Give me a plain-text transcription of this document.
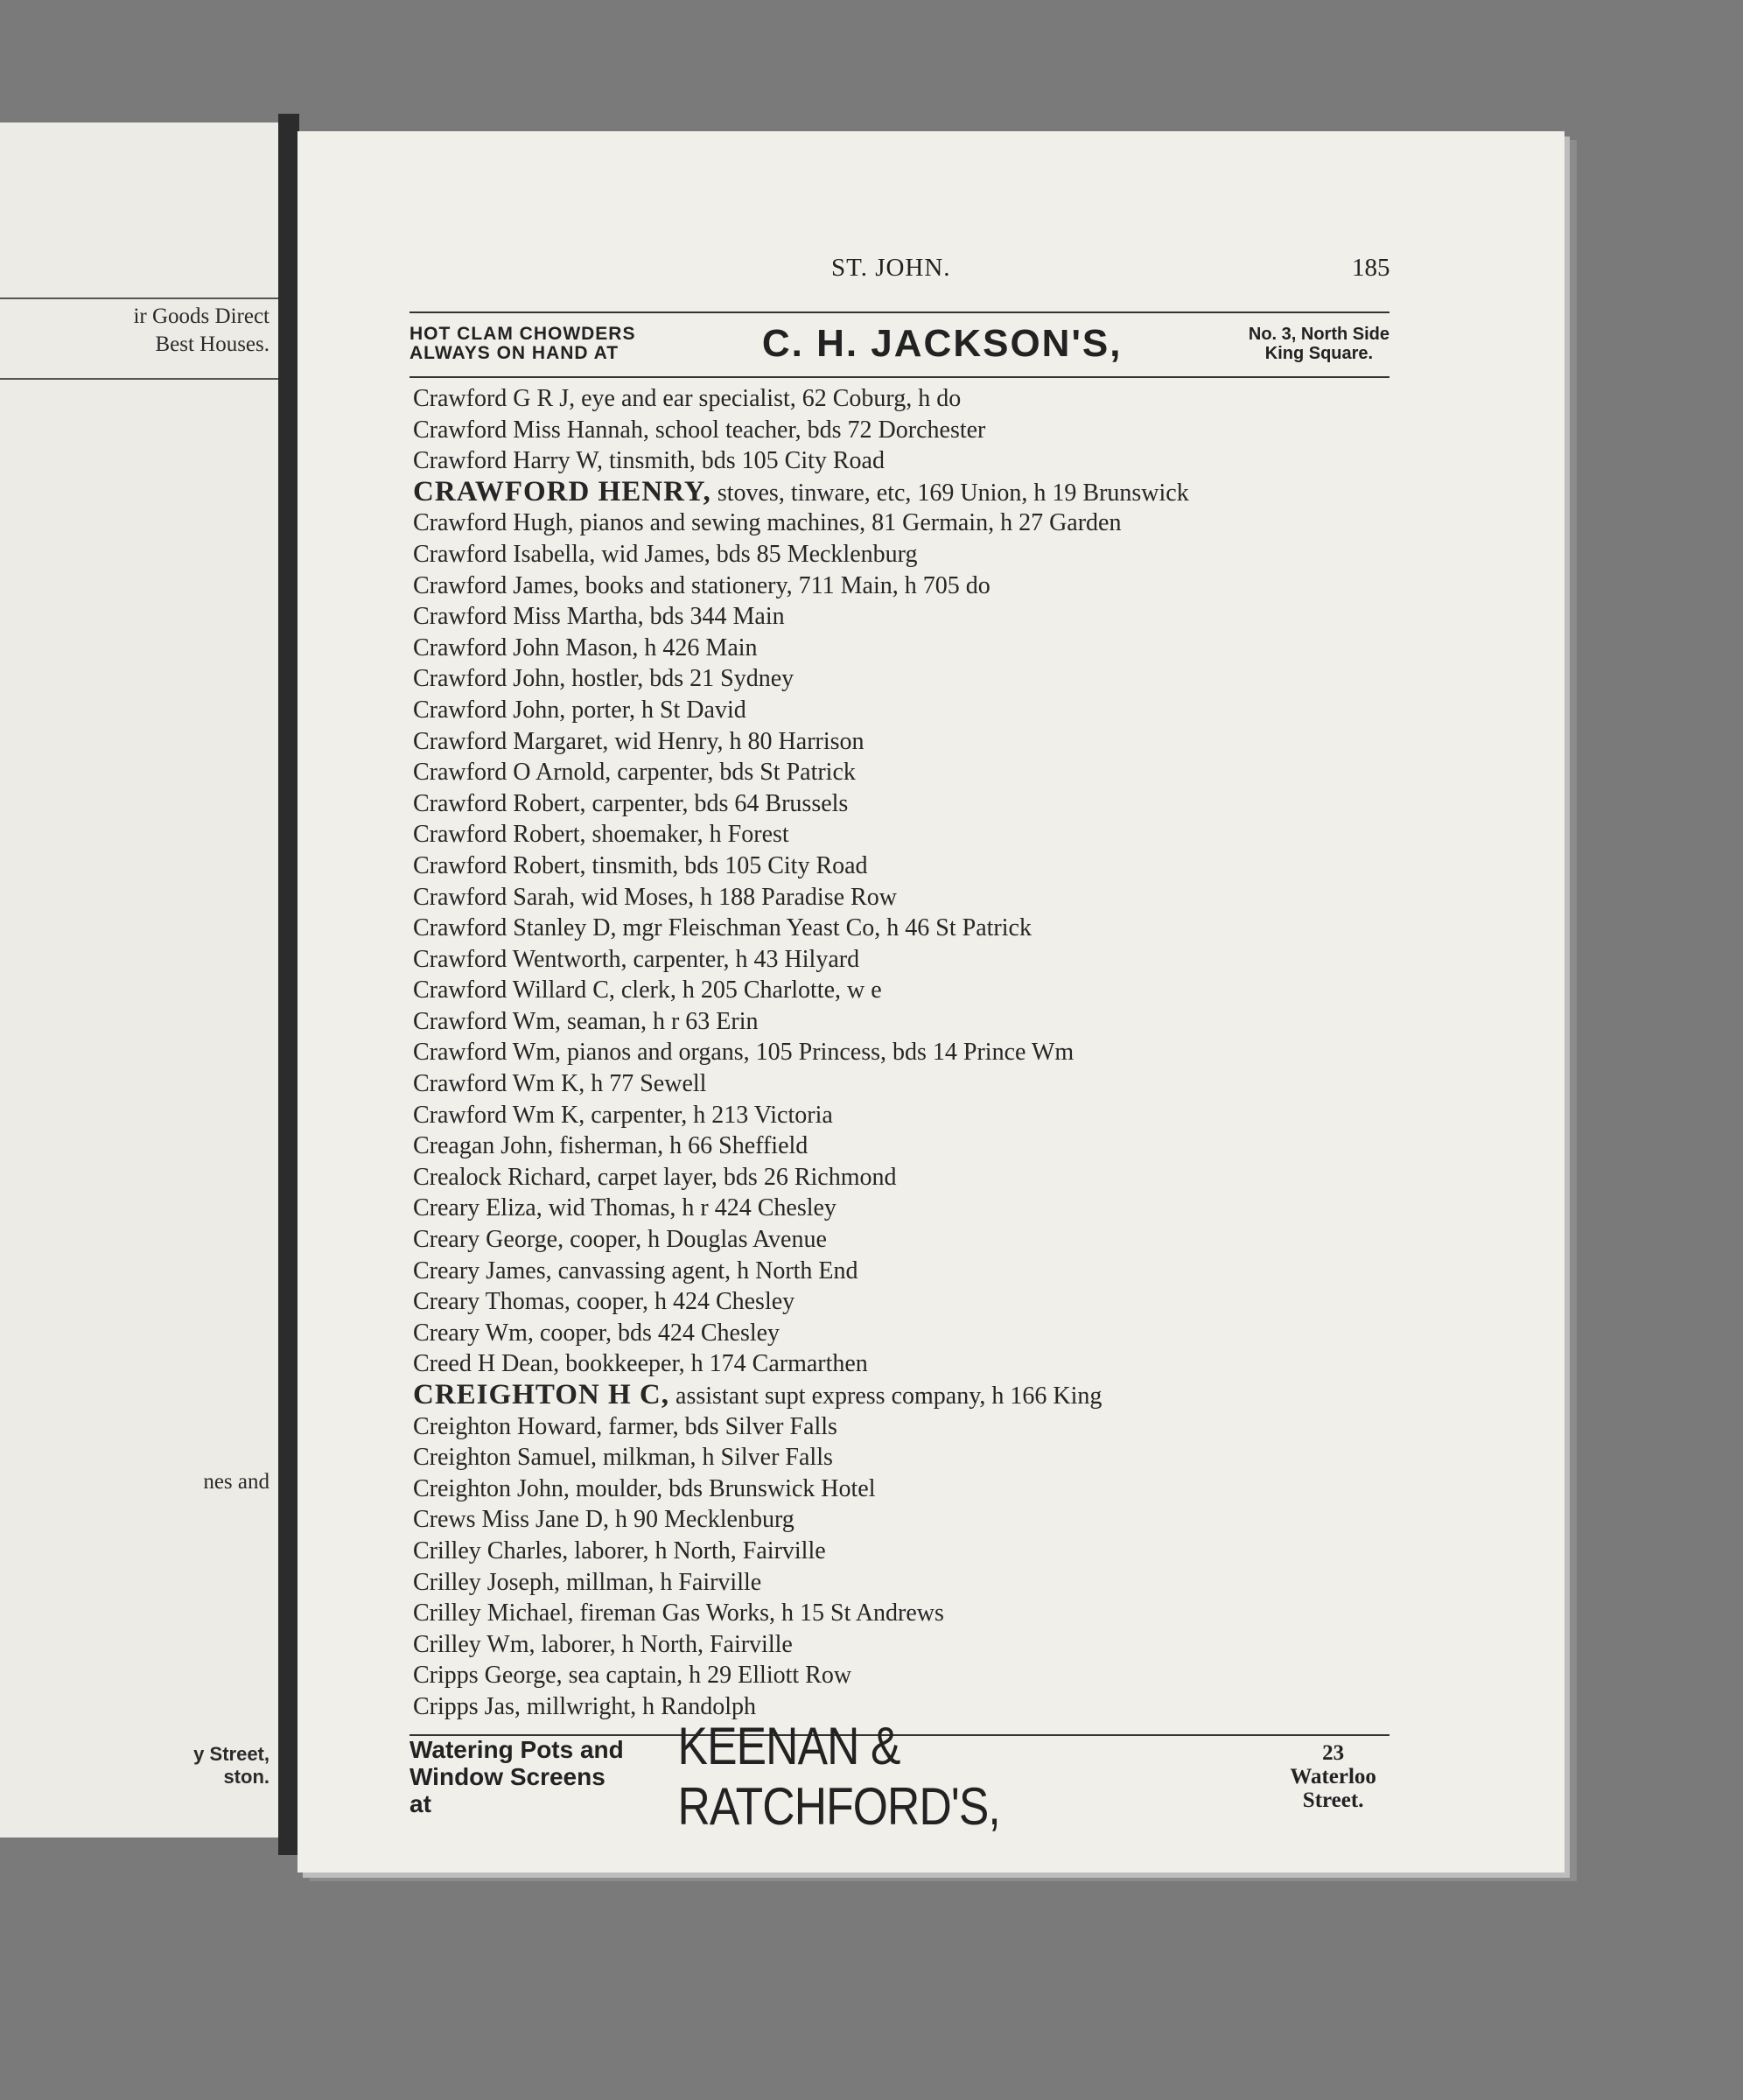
ir Goods Direct
Best Houses.
nes and
y Street,
ston.
ST. JOHN.	185
HOT CLAM CHOWDERS
ALWAYS ON HAND AT	C. H. JACKSON'S,	No. 3, North Side
King Square.
Crawford G R J, eye and ear specialist, 62 Coburg, h do
Crawford Miss Hannah, school teacher, bds 72 Dorchester
Crawford Harry W, tinsmith, bds 105 City Road
CRAWFORD HENRY, stoves, tinware, etc, 169 Union, h 19 Brunswick
Crawford Hugh, pianos and sewing machines, 81 Germain, h 27 Garden
Crawford Isabella, wid James, bds 85 Mecklenburg
Crawford James, books and stationery, 711 Main, h 705 do
Crawford Miss Martha, bds 344 Main
Crawford John Mason, h 426 Main
Crawford John, hostler, bds 21 Sydney
Crawford John, porter, h St David
Crawford Margaret, wid Henry, h 80 Harrison
Crawford O Arnold, carpenter, bds St Patrick
Crawford Robert, carpenter, bds 64 Brussels
Crawford Robert, shoemaker, h Forest
Crawford Robert, tinsmith, bds 105 City Road
Crawford Sarah, wid Moses, h 188 Paradise Row
Crawford Stanley D, mgr Fleischman Yeast Co, h 46 St Patrick
Crawford Wentworth, carpenter, h 43 Hilyard
Crawford Willard C, clerk, h 205 Charlotte, w e
Crawford Wm, seaman, h r 63 Erin
Crawford Wm, pianos and organs, 105 Princess, bds 14 Prince Wm
Crawford Wm K, h 77 Sewell
Crawford Wm K, carpenter, h 213 Victoria
Creagan John, fisherman, h 66 Sheffield
Crealock Richard, carpet layer, bds 26 Richmond
Creary Eliza, wid Thomas, h r 424 Chesley
Creary George, cooper, h Douglas Avenue
Creary James, canvassing agent, h North End
Creary Thomas, cooper, h 424 Chesley
Creary Wm, cooper, bds 424 Chesley
Creed H Dean, bookkeeper, h 174 Carmarthen
CREIGHTON H C, assistant supt express company, h 166 King
Creighton Howard, farmer, bds Silver Falls
Creighton Samuel, milkman, h Silver Falls
Creighton John, moulder, bds Brunswick Hotel
Crews Miss Jane D, h 90 Mecklenburg
Crilley Charles, laborer, h North, Fairville
Crilley Joseph, millman, h Fairville
Crilley Michael, fireman Gas Works, h 15 St Andrews
Crilley Wm, laborer, h North, Fairville
Cripps George, sea captain, h 29 Elliott Row
Cripps Jas, millwright, h Randolph
Watering Pots and
Window Screens at
KEENAN & RATCHFORD'S,
23 Waterloo
Street.
